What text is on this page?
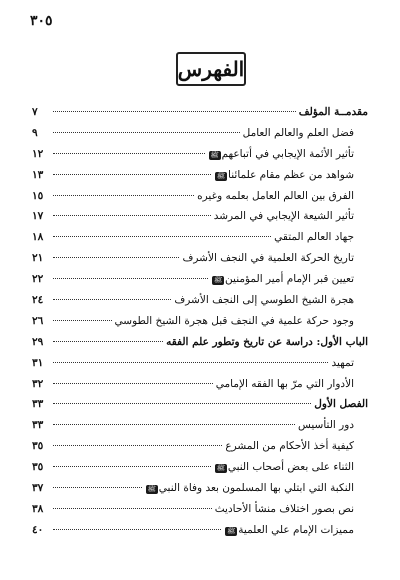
٣٠٥
الفهرس
مقدمــة المؤلف
٧
فضل العلم والعالم العامل
٩
تأثير الأئمة الإيجابي في أتباعهم
ﷺ
١٢
شواهد من عظم مقام علمائنا
ﷺ
١٣
الفرق بين العالم العامل بعلمه وغيره
١٥
تأثير الشيعة الإيجابي في المرشد
١٧
جهاد العالم المتقي
١٨
تاريخ الحركة العلمية في النجف الأشرف
٢١
تعيين قبر الإمام أمير المؤمنين
ﷺ
٢٢
هجرة الشيخ الطوسي إلى النجف الأشرف
٢٤
وجود حركة علمية في النجف قبل هجرة الشيخ الطوسي
٢٦
الباب الأول: دراسة عن تاريخ وتطور علم الفقه
٢٩
تمهيد
٣١
الأدوار التي مرّ بها الفقه الإمامي
٣٢
الفصل الأول
٣٣
دور التأسيس
٣٣
كيفية أخذ الأحكام من المشرع
٣٥
الثناء على بعض أصحاب النبي
ﷺ
٣٥
النكبة التي ابتلي بها المسلمون بعد وفاة النبي
ﷺ
٣٧
نص بصور اختلاف منشأ الأحاديث
٣٨
مميزات الإمام علي العلمية
ﷺ
٤٠
